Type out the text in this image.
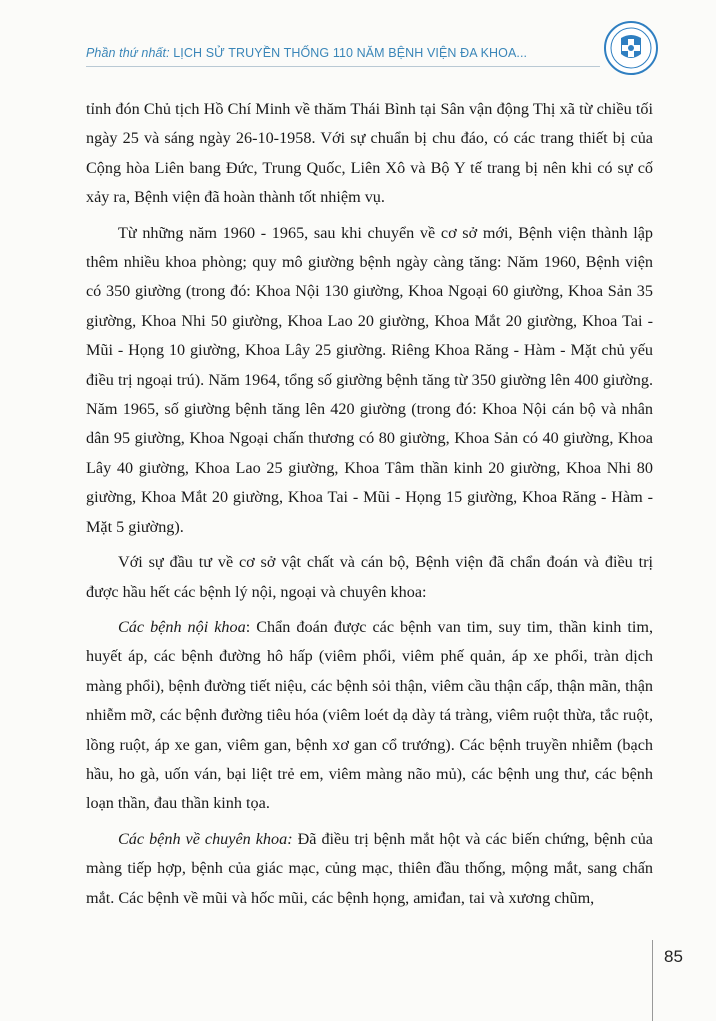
Phần thứ nhất: LỊCH SỬ TRUYỀN THỐNG 110 NĂM BỆNH VIỆN ĐA KHOA...

tỉnh đón Chủ tịch Hồ Chí Minh về thăm Thái Bình tại Sân vận động Thị xã từ chiều tối ngày 25 và sáng ngày 26-10-1958. Với sự chuẩn bị chu đáo, có các trang thiết bị của Cộng hòa Liên bang Đức, Trung Quốc, Liên Xô và Bộ Y tế trang bị nên khi có sự cố xảy ra, Bệnh viện đã hoàn thành tốt nhiệm vụ.

Từ những năm 1960 - 1965, sau khi chuyển về cơ sở mới, Bệnh viện thành lập thêm nhiều khoa phòng; quy mô giường bệnh ngày càng tăng: Năm 1960, Bệnh viện có 350 giường (trong đó: Khoa Nội 130 giường, Khoa Ngoại 60 giường, Khoa Sản 35 giường, Khoa Nhi 50 giường, Khoa Lao 20 giường, Khoa Mắt 20 giường, Khoa Tai - Mũi - Họng 10 giường, Khoa Lây 25 giường. Riêng Khoa Răng - Hàm - Mặt chủ yếu điều trị ngoại trú). Năm 1964, tổng số giường bệnh tăng từ 350 giường lên 400 giường. Năm 1965, số giường bệnh tăng lên 420 giường (trong đó: Khoa Nội cán bộ và nhân dân 95 giường, Khoa Ngoại chấn thương có 80 giường, Khoa Sản có 40 giường, Khoa Lây 40 giường, Khoa Lao 25 giường, Khoa Tâm thần kinh 20 giường, Khoa Nhi 80 giường, Khoa Mắt 20 giường, Khoa Tai - Mũi - Họng 15 giường, Khoa Răng - Hàm - Mặt 5 giường).

Với sự đầu tư về cơ sở vật chất và cán bộ, Bệnh viện đã chẩn đoán và điều trị được hầu hết các bệnh lý nội, ngoại và chuyên khoa:

Các bệnh nội khoa: Chẩn đoán được các bệnh van tim, suy tim, thần kinh tim, huyết áp, các bệnh đường hô hấp (viêm phổi, viêm phế quản, áp xe phổi, tràn dịch màng phổi), bệnh đường tiết niệu, các bệnh sỏi thận, viêm cầu thận cấp, thận mãn, thận nhiễm mỡ, các bệnh đường tiêu hóa (viêm loét dạ dày tá tràng, viêm ruột thừa, tắc ruột, lồng ruột, áp xe gan, viêm gan, bệnh xơ gan cổ trướng). Các bệnh truyền nhiễm (bạch hầu, ho gà, uốn ván, bại liệt trẻ em, viêm màng não mủ), các bệnh ung thư, các bệnh loạn thần, đau thần kinh tọa.

Các bệnh về chuyên khoa: Đã điều trị bệnh mắt hột và các biến chứng, bệnh của màng tiếp hợp, bệnh của giác mạc, củng mạc, thiên đầu thống, mộng mắt, sang chấn mắt. Các bệnh về mũi và hốc mũi, các bệnh họng, amiđan, tai và xương chũm,

85
